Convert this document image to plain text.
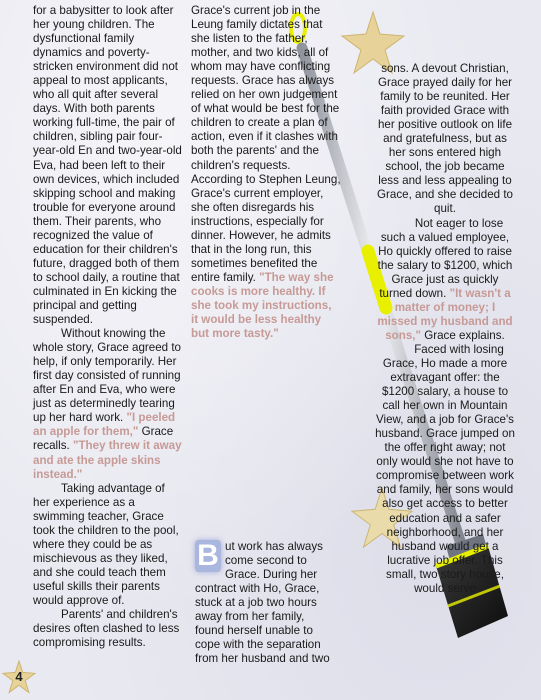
for a babysitter to look after her young children. The dysfunctional family dynamics and poverty-stricken environment did not appeal to most applicants, who all quit after several days. With both parents working full-time, the pair of children, sibling pair four-year-old En and two-year-old Eva, had been left to their own devices, which included skipping school and making trouble for everyone around them. Their parents, who recognized the value of education for their children's future, dragged both of them to school daily, a routine that culminated in En kicking the principal and getting suspended.

Without knowing the whole story, Grace agreed to help, if only temporarily. Her first day consisted of running after En and Eva, who were just as determinedly tearing up her hard work. "I peeled an apple for them," Grace recalls. "They threw it away and ate the apple skins instead."

Taking advantage of her experience as a swimming teacher, Grace took the children to the pool, where they could be as mischievous as they liked, and she could teach them useful skills their parents would approve of.

Parents' and children's desires often clashed to less compromising results.

Grace's current job in the Leung family dictates that she listen to the father, mother, and two kids, all of whom may have conflicting requests. Grace has always relied on her own judgement of what would be best for the children to create a plan of action, even if it clashes with both the parents' and the children's requests. According to Stephen Leung, Grace's current employer, she often disregards his instructions, especially for dinner. However, he admits that in the long run, this sometimes benefited the entire family. "The way she cooks is more healthy. If she took my instructions, it would be less healthy but more tasty."

B ut work has always come second to Grace. During her contract with Ho, Grace, stuck at a job two hours away from her family, found herself unable to cope with the separation from her husband and two

sons. A devout Christian, Grace prayed daily for her family to be reunited. Her faith provided Grace with her positive outlook on life and gratefulness, but as her sons entered high school, the job became less and less appealing to Grace, and she decided to quit.

Not eager to lose such a valued employee, Ho quickly offered to raise the salary to $1200, which Grace just as quickly turned down. "It wasn't a matter of money; I missed my husband and sons," Grace explains.

Faced with losing Grace, Ho made a more extravagant offer: the $1200 salary, a house to call her own in Mountain View, and a job for Grace's husband. Grace jumped on the offer right away; not only would she not have to compromise between work and family, her sons would also get access to better education and a safer neighborhood, and her husband would get a lucrative job offer. This small, two story house, would serve

4
